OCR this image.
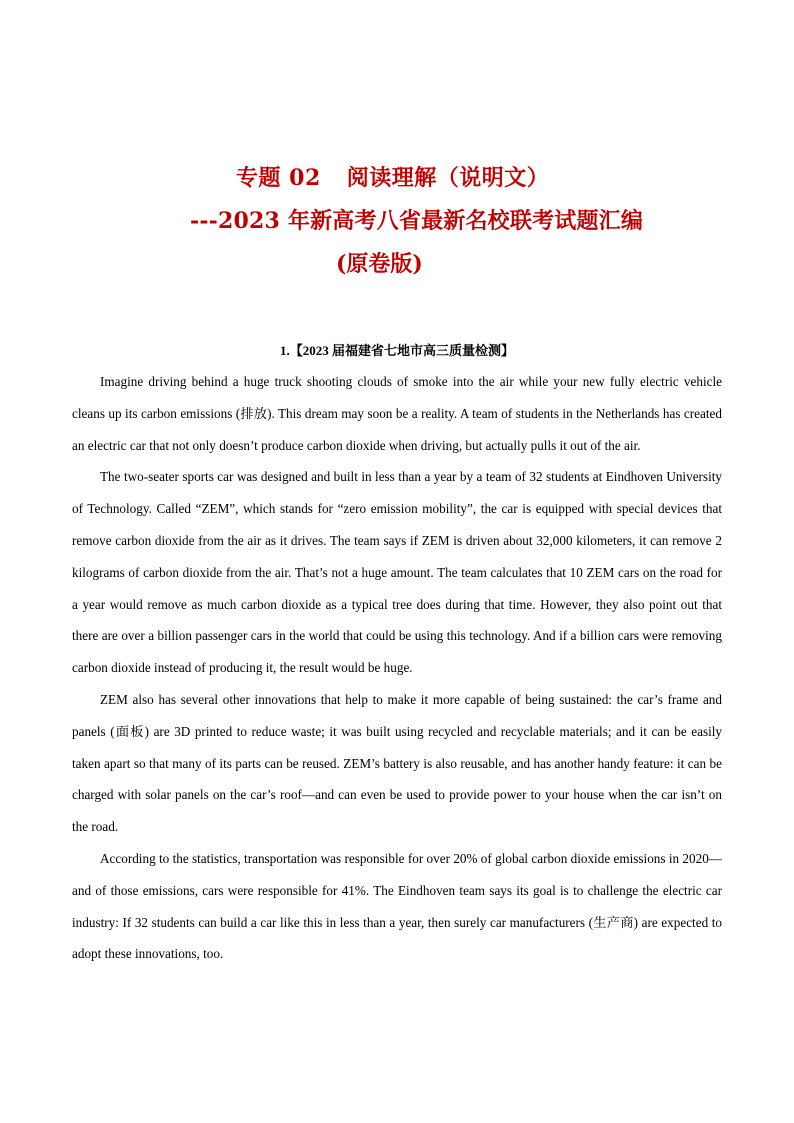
专题 02 阅读理解（说明文）
---2023 年新高考八省最新名校联考试题汇编
(原卷版)

1.【2023 届福建省七地市高三质量检测】

Imagine driving behind a huge truck shooting clouds of smoke into the air while your new fully electric vehicle cleans up its carbon emissions (排放). This dream may soon be a reality. A team of students in the Netherlands has created an electric car that not only doesn’t produce carbon dioxide when driving, but actually pulls it out of the air.

The two-seater sports car was designed and built in less than a year by a team of 32 students at Eindhoven University of Technology. Called “ZEM”, which stands for “zero emission mobility”, the car is equipped with special devices that remove carbon dioxide from the air as it drives. The team says if ZEM is driven about 32,000 kilometers, it can remove 2 kilograms of carbon dioxide from the air. That’s not a huge amount. The team calculates that 10 ZEM cars on the road for a year would remove as much carbon dioxide as a typical tree does during that time. However, they also point out that there are over a billion passenger cars in the world that could be using this technology. And if a billion cars were removing carbon dioxide instead of producing it, the result would be huge.

ZEM also has several other innovations that help to make it more capable of being sustained: the car’s frame and panels (面板) are 3D printed to reduce waste; it was built using recycled and recyclable materials; and it can be easily taken apart so that many of its parts can be reused. ZEM’s battery is also reusable, and has another handy feature: it can be charged with solar panels on the car’s roof—and can even be used to provide power to your house when the car isn’t on the road.

According to the statistics, transportation was responsible for over 20% of global carbon dioxide emissions in 2020—and of those emissions, cars were responsible for 41%. The Eindhoven team says its goal is to challenge the electric car industry: If 32 students can build a car like this in less than a year, then surely car manufacturers (生产商) are expected to adopt these innovations, too.
